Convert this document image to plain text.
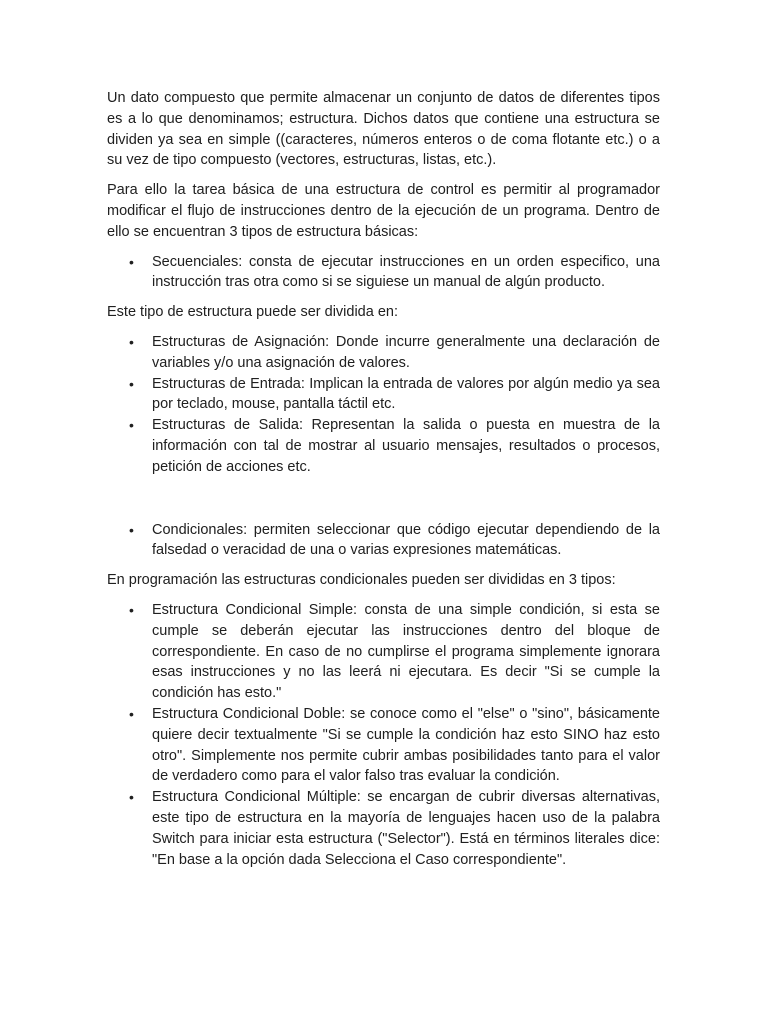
Un dato compuesto que permite almacenar un conjunto de datos de diferentes tipos es a lo que denominamos; estructura. Dichos datos que contiene una estructura se dividen ya sea en simple ((caracteres, números enteros o de coma flotante etc.) o a su vez de tipo compuesto (vectores, estructuras, listas, etc.).

Para ello la tarea básica de una estructura de control es permitir al programador modificar el flujo de instrucciones dentro de la ejecución de un programa. Dentro de ello se encuentran 3 tipos de estructura básicas:

• Secuenciales: consta de ejecutar instrucciones en un orden especifico, una instrucción tras otra como si se siguiese un manual de algún producto.

Este tipo de estructura puede ser dividida en:

• Estructuras de Asignación: Donde incurre generalmente una declaración de variables y/o una asignación de valores.
• Estructuras de Entrada: Implican la entrada de valores por algún medio ya sea por teclado, mouse, pantalla táctil etc.
• Estructuras de Salida: Representan la salida o puesta en muestra de la información con tal de mostrar al usuario mensajes, resultados o procesos, petición de acciones etc.
• Condicionales: permiten seleccionar que código ejecutar dependiendo de la falsedad o veracidad de una o varias expresiones matemáticas.

En programación las estructuras condicionales pueden ser divididas en 3 tipos:

• Estructura Condicional Simple: consta de una simple condición, si esta se cumple se deberán ejecutar las instrucciones dentro del bloque de correspondiente. En caso de no cumplirse el programa simplemente ignorara esas instrucciones y no las leerá ni ejecutara. Es decir "Si se cumple la condición has esto."
• Estructura Condicional Doble: se conoce como el "else" o "sino", básicamente quiere decir textualmente "Si se cumple la condición haz esto SINO haz esto otro". Simplemente nos permite cubrir ambas posibilidades tanto para el valor de verdadero como para el valor falso tras evaluar la condición.
• Estructura Condicional Múltiple: se encargan de cubrir diversas alternativas, este tipo de estructura en la mayoría de lenguajes hacen uso de la palabra Switch para iniciar esta estructura ("Selector"). Está en términos literales dice: "En base a la opción dada Selecciona el Caso correspondiente".
